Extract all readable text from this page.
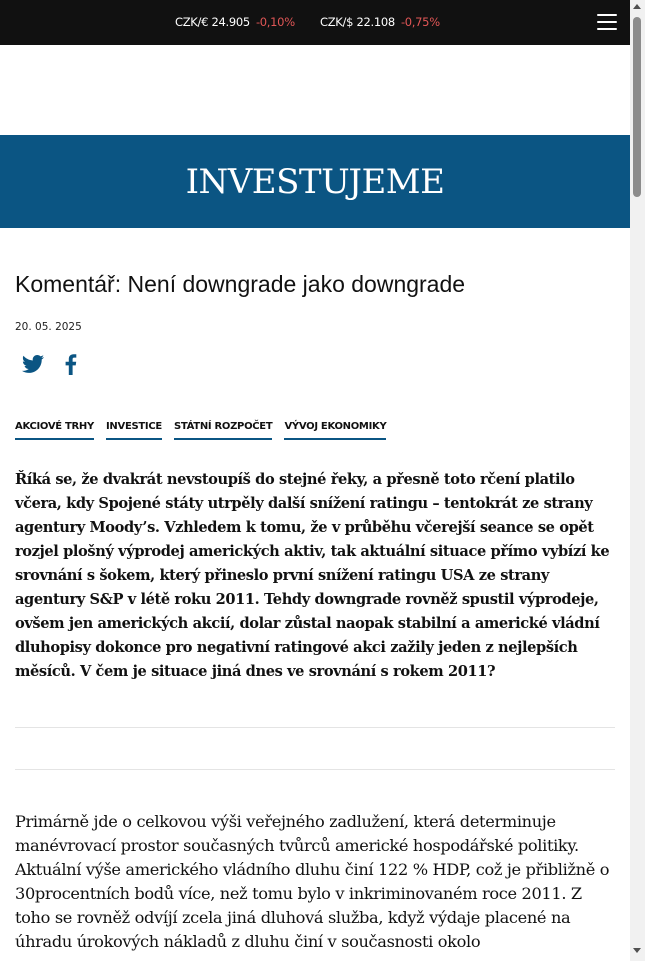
CZK/€ 24.905 -0,10% CZK/$ 22.108 -0,75%
INVESTUJEME
Komentář: Není downgrade jako downgrade
20. 05. 2025
AKCIOVÉ TRHY INVESTICE STÁTNÍ ROZPOČET VÝVOJ EKONOMIKY

Říká se, že dvakrát nevstoupíš do stejné řeky, a přesně toto rčení platilo včera, kdy Spojené státy utrpěly další snížení ratingu – tentokrát ze strany agentury Moody’s. Vzhledem k tomu, že v průběhu včerejší seance se opět rozjel plošný výprodej amerických aktiv, tak aktuální situace přímo vybízí ke srovnání s šokem, který přineslo první snížení ratingu USA ze strany agentury S&P v létě roku 2011. Tehdy downgrade rovněž spustil výprodeje, ovšem jen amerických akcií, dolar zůstal naopak stabilní a americké vládní dluhopisy dokonce pro negativní ratingové akci zažily jeden z nejlepších měsíců. V čem je situace jiná dnes ve srovnání s rokem 2011?

Primárně jde o celkovou výši veřejného zadlužení, která determinuje manévrovací prostor současných tvůrců americké hospodářské politiky. Aktuální výše amerického vládního dluhu činí 122 % HDP, což je přibližně o 30procentních bodů více, než tomu bylo v inkriminovaném roce 2011. Z toho se rovněž odvíjí zcela jiná dluhová služba, když výdaje placené na úhradu úrokových nákladů z dluhu činí v současnosti okolo
